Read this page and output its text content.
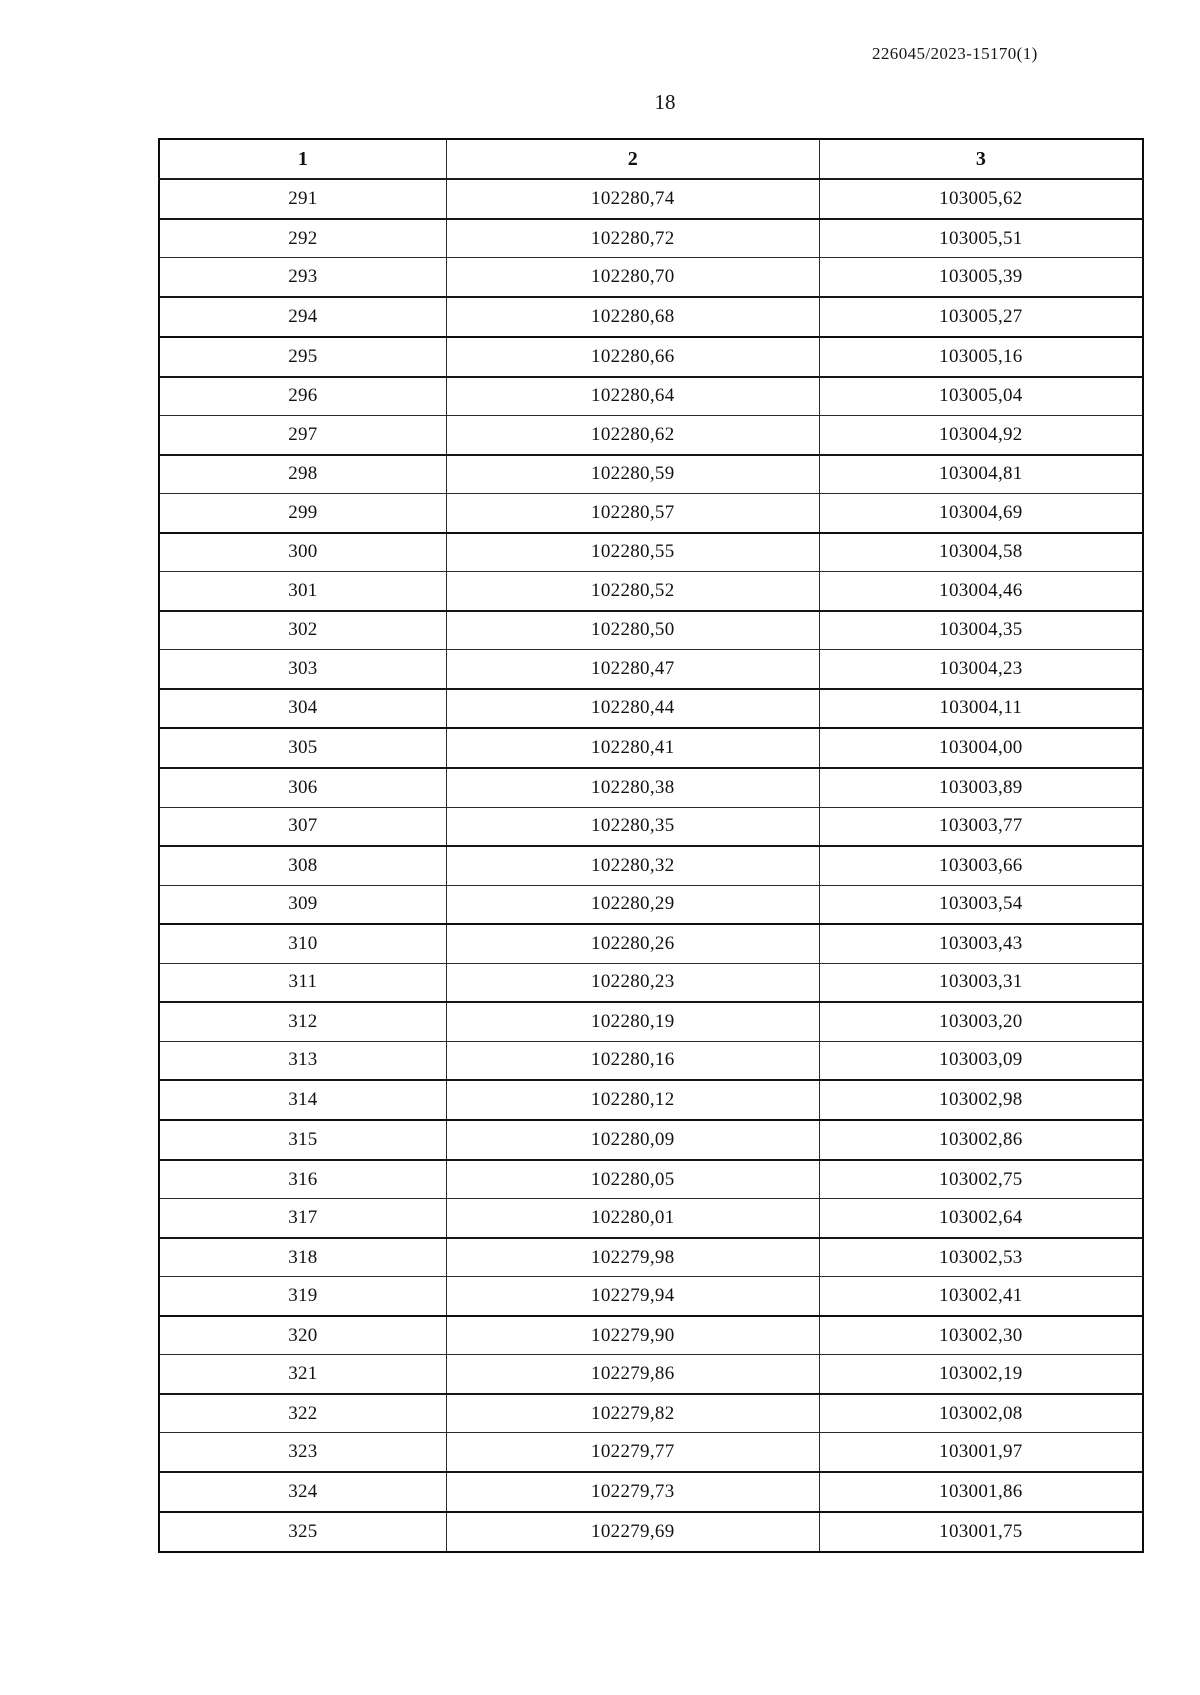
226045/2023-15170(1)
18
1	2	3
291	102280,74	103005,62
292	102280,72	103005,51
293	102280,70	103005,39
294	102280,68	103005,27
295	102280,66	103005,16
296	102280,64	103005,04
297	102280,62	103004,92
298	102280,59	103004,81
299	102280,57	103004,69
300	102280,55	103004,58
301	102280,52	103004,46
302	102280,50	103004,35
303	102280,47	103004,23
304	102280,44	103004,11
305	102280,41	103004,00
306	102280,38	103003,89
307	102280,35	103003,77
308	102280,32	103003,66
309	102280,29	103003,54
310	102280,26	103003,43
311	102280,23	103003,31
312	102280,19	103003,20
313	102280,16	103003,09
314	102280,12	103002,98
315	102280,09	103002,86
316	102280,05	103002,75
317	102280,01	103002,64
318	102279,98	103002,53
319	102279,94	103002,41
320	102279,90	103002,30
321	102279,86	103002,19
322	102279,82	103002,08
323	102279,77	103001,97
324	102279,73	103001,86
325	102279,69	103001,75
